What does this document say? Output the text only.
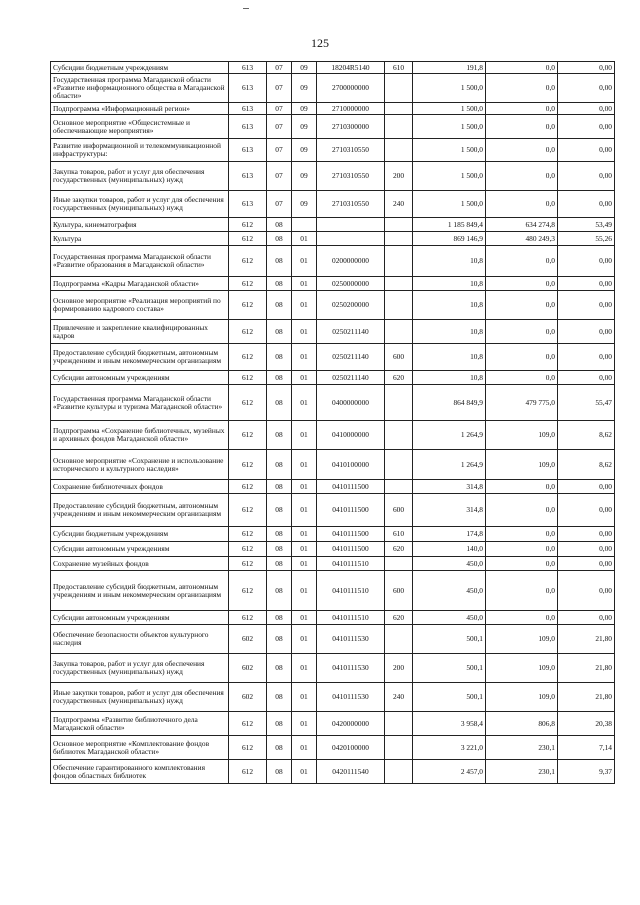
125
Субсидии бюджетным учреждениям	613	07	09	18204R5140	610	191,8	0,0	0,00
Государственная программа Магаданской области «Развитие информационного общества в Магаданской области»	613	07	09	2700000000		1 500,0	0,0	0,00
Подпрограмма «Информационный регион»	613	07	09	2710000000		1 500,0	0,0	0,00
Основное мероприятие «Общесистемные и обеспечивающие мероприятия»	613	07	09	2710300000		1 500,0	0,0	0,00
Развитие информационной и телекоммуникационной инфраструктуры:	613	07	09	2710310550		1 500,0	0,0	0,00
Закупка товаров, работ и услуг для обеспечения государственных (муниципальных) нужд	613	07	09	2710310550	200	1 500,0	0,0	0,00
Иные закупки товаров, работ и услуг для обеспечения государственных (муниципальных) нужд	613	07	09	2710310550	240	1 500,0	0,0	0,00
Культура, кинематография	612	08				1 185 849,4	634 274,8	53,49
Культура	612	08	01			869 146,9	480 249,3	55,26
Государственная программа Магаданской области «Развитие образования в Магаданской области»	612	08	01	0200000000		10,8	0,0	0,00
Подпрограмма «Кадры Магаданской области»	612	08	01	0250000000		10,8	0,0	0,00
Основное мероприятие «Реализация мероприятий по формированию кадрового состава»	612	08	01	0250200000		10,8	0,0	0,00
Привлечение и закрепление квалифицированных кадров	612	08	01	0250211140		10,8	0,0	0,00
Предоставление субсидий бюджетным, автономным учреждениям и иным некоммерческим организациям	612	08	01	0250211140	600	10,8	0,0	0,00
Субсидии автономным учреждениям	612	08	01	0250211140	620	10,8	0,0	0,00
Государственная программа Магаданской области «Развитие культуры и туризма Магаданской области»	612	08	01	0400000000		864 849,9	479 775,0	55,47
Подпрограмма «Сохранение библиотечных, музейных и архивных фондов Магаданской области»	612	08	01	0410000000		1 264,9	109,0	8,62
Основное мероприятие «Сохранение и использование исторического и культурного наследия»	612	08	01	0410100000		1 264,9	109,0	8,62
Сохранение библиотечных фондов	612	08	01	0410111500		314,8	0,0	0,00
Предоставление субсидий бюджетным, автономным учреждениям и иным некоммерческим организациям	612	08	01	0410111500	600	314,8	0,0	0,00
Субсидии бюджетным учреждениям	612	08	01	0410111500	610	174,8	0,0	0,00
Субсидии автономным учреждениям	612	08	01	0410111500	620	140,0	0,0	0,00
Сохранение музейных фондов	612	08	01	0410111510		450,0	0,0	0,00
Предоставление субсидий бюджетным, автономным учреждениям и иным некоммерческим организациям	612	08	01	0410111510	600	450,0	0,0	0,00
Субсидии автономным учреждениям	612	08	01	0410111510	620	450,0	0,0	0,00
Обеспечение безопасности объектов культурного наследия	602	08	01	0410111530		500,1	109,0	21,80
Закупка товаров, работ и услуг для обеспечения государственных (муниципальных) нужд	602	08	01	0410111530	200	500,1	109,0	21,80
Иные закупки товаров, работ и услуг для обеспечения государственных (муниципальных) нужд	602	08	01	0410111530	240	500,1	109,0	21,80
Подпрограмма «Развитие библиотечного дела Магаданской области»	612	08	01	0420000000		3 958,4	806,8	20,38
Основное мероприятие «Комплектование фондов библиотек Магаданской области»	612	08	01	0420100000		3 221,0	230,1	7,14
Обеспечение гарантированного комплектования фондов областных библиотек	612	08	01	0420111540		2 457,0	230,1	9,37
